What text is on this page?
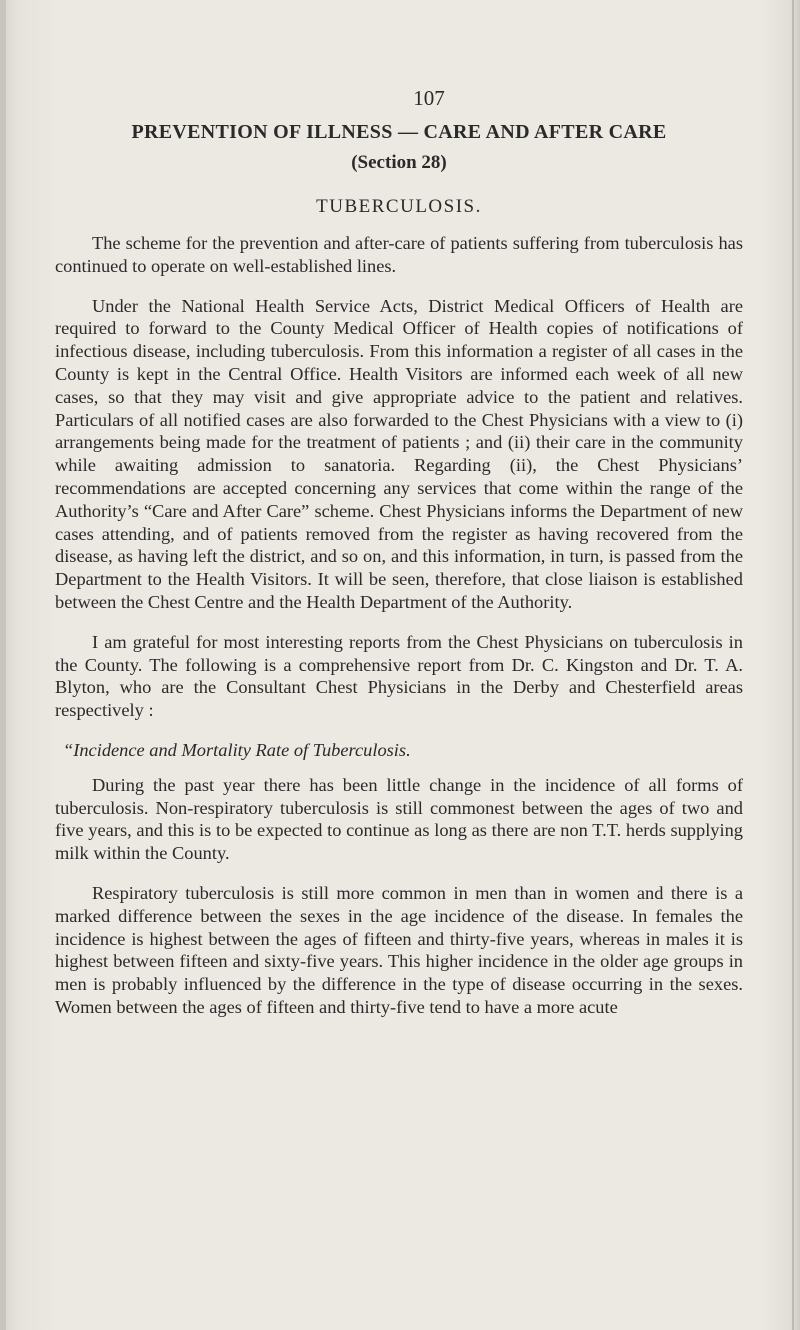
107
PREVENTION OF ILLNESS — CARE AND AFTER CARE
(Section 28)
TUBERCULOSIS.

The scheme for the prevention and after-care of patients suffering from tuberculosis has continued to operate on well-established lines.

Under the National Health Service Acts, District Medical Officers of Health are required to forward to the County Medical Officer of Health copies of notifications of infectious disease, including tuberculosis. From this information a register of all cases in the County is kept in the Central Office. Health Visitors are informed each week of all new cases, so that they may visit and give appropriate advice to the patient and relatives. Particulars of all notified cases are also forwarded to the Chest Physicians with a view to (i) arrangements being made for the treatment of patients ; and (ii) their care in the community while awaiting admission to sanatoria. Regarding (ii), the Chest Physicians’ recommendations are accepted concerning any services that come within the range of the Authority’s “Care and After Care” scheme. Chest Physicians informs the Department of new cases attending, and of patients removed from the register as having recovered from the disease, as having left the district, and so on, and this information, in turn, is passed from the Department to the Health Visitors. It will be seen, therefore, that close liaison is established between the Chest Centre and the Health Department of the Authority.

I am grateful for most interesting reports from the Chest Physicians on tuberculosis in the County. The following is a comprehensive report from Dr. C. Kingston and Dr. T. A. Blyton, who are the Consultant Chest Physicians in the Derby and Chesterfield areas respectively :

“Incidence and Mortality Rate of Tuberculosis.

During the past year there has been little change in the incidence of all forms of tuberculosis. Non-respiratory tuberculosis is still commonest between the ages of two and five years, and this is to be expected to continue as long as there are non T.T. herds supplying milk within the County.

Respiratory tuberculosis is still more common in men than in women and there is a marked difference between the sexes in the age incidence of the disease. In females the incidence is highest between the ages of fifteen and thirty-five years, whereas in males it is highest between fifteen and sixty-five years. This higher incidence in the older age groups in men is probably influenced by the difference in the type of disease occurring in the sexes. Women between the ages of fifteen and thirty-five tend to have a more acute
